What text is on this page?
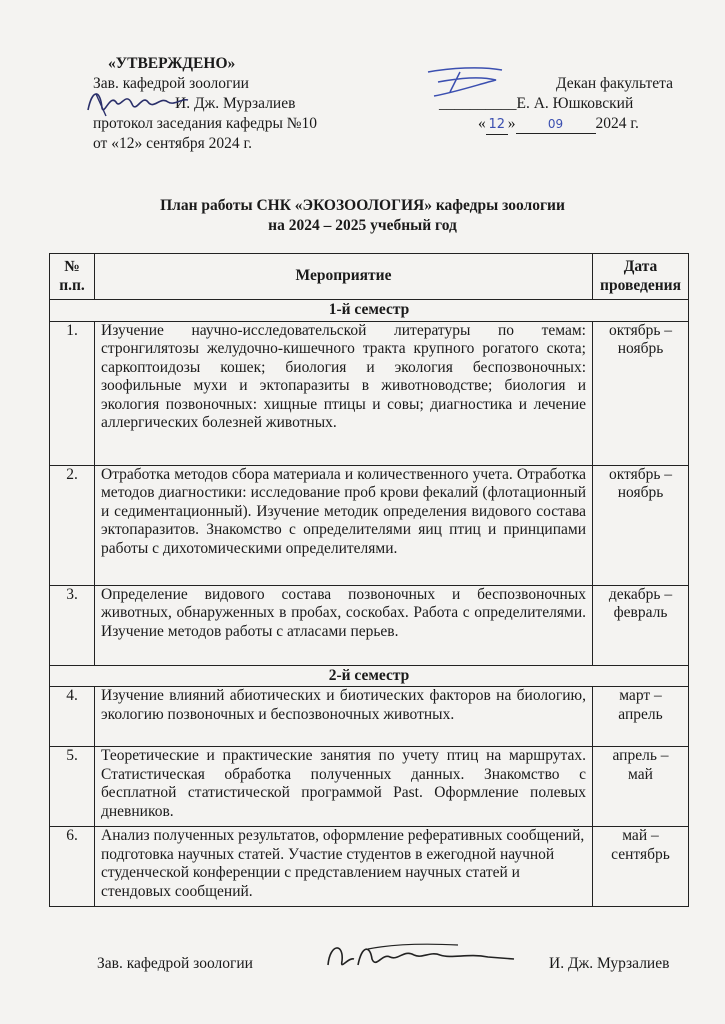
«УТВЕРЖДЕНО»
Зав. кафедрой зоологии
И. Дж. Мурзалиев
протокол заседания кафедры №10
от «12» сентября 2024 г.
Декан факультета
__________Е. А. Юшковский
« 12 »	09 2024 г.
План работы СНК «ЭКОЗООЛОГИЯ» кафедры зоологии
на 2024 – 2025 учебный год
№ п.п.	Мероприятие	Дата проведения
1-й семестр		
1.	Изучение научно-исследовательской литературы по темам: стронгилятозы желудочно-кишечного тракта крупного рогатого скота; саркоптоидозы кошек; биология и экология беспозвоночных: зоофильные мухи и эктопаразиты в животноводстве; биология и экология позвоночных: хищные птицы и совы; диагностика и лечение аллергических болезней животных.	октябрь – ноябрь
2.	Отработка методов сбора материала и количественного учета. Отработка методов диагностики: исследование проб крови фекалий (флотационный и седиментационный). Изучение методик определения видового состава эктопаразитов. Знакомство с определителями яиц птиц и принципами работы с дихотомическими определителями.	октябрь – ноябрь
3.	Определение видового состава позвоночных и беспозвоночных животных, обнаруженных в пробах, соскобах. Работа с определителями. Изучение методов работы с атласами перьев.	декабрь – февраль
2-й семестр		
4.	Изучение влияний абиотических и биотических факторов на биологию, экологию позвоночных и беспозвоночных животных.	март – апрель
5.	Теоретические и практические занятия по учету птиц на маршрутах. Статистическая обработка полученных данных. Знакомство с бесплатной статистической программой Past. Оформление полевых дневников.	апрель – май
6.	Анализ полученных результатов, оформление реферативных сообщений, подготовка научных статей. Участие студентов в ежегодной научной студенческой конференции с представлением научных статей и стендовых сообщений.	май – сентябрь
Зав. кафедрой зоологии	И. Дж. Мурзалиев
